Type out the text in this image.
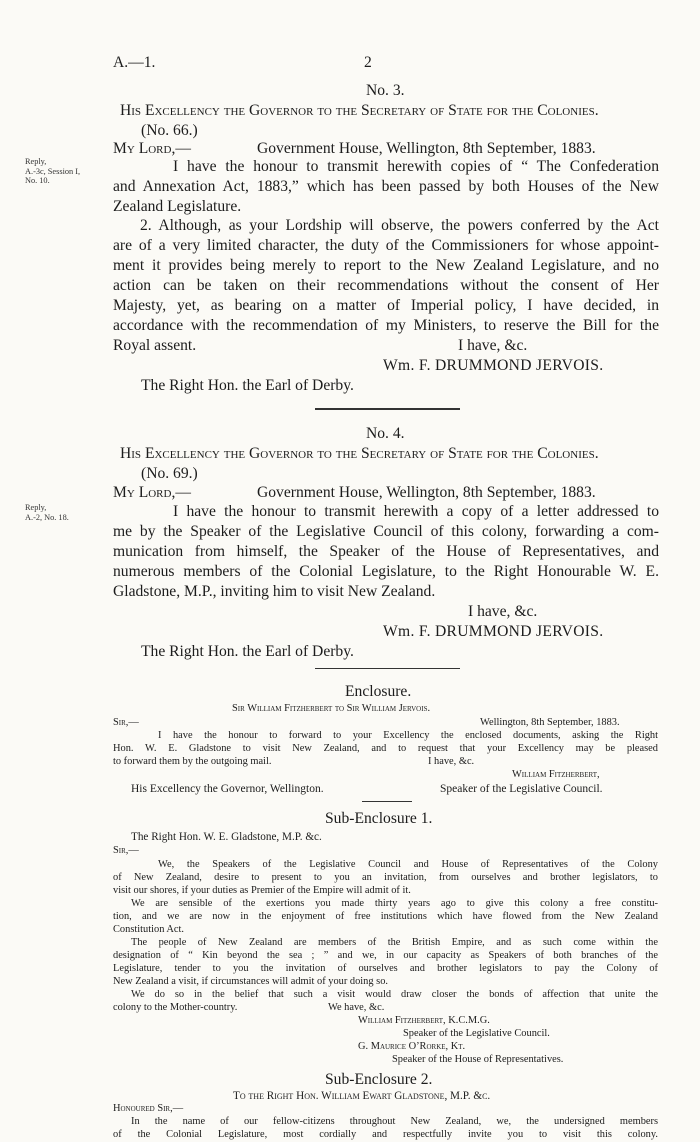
A.—1.	2
No. 3.
His Excellency the Governor to the Secretary of State for the Colonies.
(No. 66.)
My Lord,—	Government House, Wellington, 8th September, 1883.
Reply,
A.-3c, Session I,
No. 10.
I have the honour to transmit herewith copies of “ The Confederation
and Annexation Act, 1883,” which has been passed by both Houses of the New
Zealand Legislature.
2. Although, as your Lordship will observe, the powers conferred by the Act
are of a very limited character, the duty of the Commissioners for whose appoint-
ment it provides being merely to report to the New Zealand Legislature, and no
action can be taken on their recommendations without the consent of Her
Majesty, yet, as bearing on a matter of Imperial policy, I have decided, in
accordance with the recommendation of my Ministers, to reserve the Bill for the
Royal assent.	I have, &c.
Wm. F. DRUMMOND JERVOIS.
The Right Hon. the Earl of Derby.
No. 4.
His Excellency the Governor to the Secretary of State for the Colonies.
(No. 69.)
My Lord,—	Government House, Wellington, 8th September, 1883.
Reply,
A.-2, No. 18.	I have the honour to transmit herewith a copy of a letter addressed to
me by the Speaker of the Legislative Council of this colony, forwarding a com-
munication from himself, the Speaker of the House of Representatives, and
numerous members of the Colonial Legislature, to the Right Honourable W. E.
Gladstone, M.P., inviting him to visit New Zealand.
I have, &c.
Wm. F. DRUMMOND JERVOIS.
The Right Hon. the Earl of Derby.
Enclosure.
Sir William Fitzherbert to Sir William Jervois.
Sir,—	Wellington, 8th September, 1883.
I have the honour to forward to your Excellency the enclosed documents, asking the Right
Hon. W. E. Gladstone to visit New Zealand, and to request that your Excellency may be pleased
to forward them by the outgoing mail.	I have, &c.
William Fitzherbert,
His Excellency the Governor, Wellington.	Speaker of the Legislative Council.
Sub-Enclosure 1.
The Right Hon. W. E. Gladstone, M.P. &c.
Sir,—
We, the Speakers of the Legislative Council and House of Representatives of the Colony
of New Zealand, desire to present to you an invitation, from ourselves and brother legislators, to
visit our shores, if your duties as Premier of the Empire will admit of it.
We are sensible of the exertions you made thirty years ago to give this colony a free constitu-
tion, and we are now in the enjoyment of free institutions which have flowed from the New Zealand
Constitution Act.
The people of New Zealand are members of the British Empire, and as such come within the
designation of “ Kin beyond the sea ; ” and we, in our capacity as Speakers of both branches of the
Legislature, tender to you the invitation of ourselves and brother legislators to pay the Colony of
New Zealand a visit, if circumstances will admit of your doing so.
We do so in the belief that such a visit would draw closer the bonds of affection that unite the
colony to the Mother-country.	We have, &c.
William Fitzherbert, K.C.M.G.
Speaker of the Legislative Council.
G. Maurice O’Rorke, Kt.
Speaker of the House of Representatives.
Sub-Enclosure 2.
To the Right Hon. William Ewart Gladstone, M.P. &c.
Honoured Sir,—
In the name of our fellow-citizens throughout New Zealand, we, the undersigned members
of the Colonial Legislature, most cordially and respectfully invite you to visit this colony.
